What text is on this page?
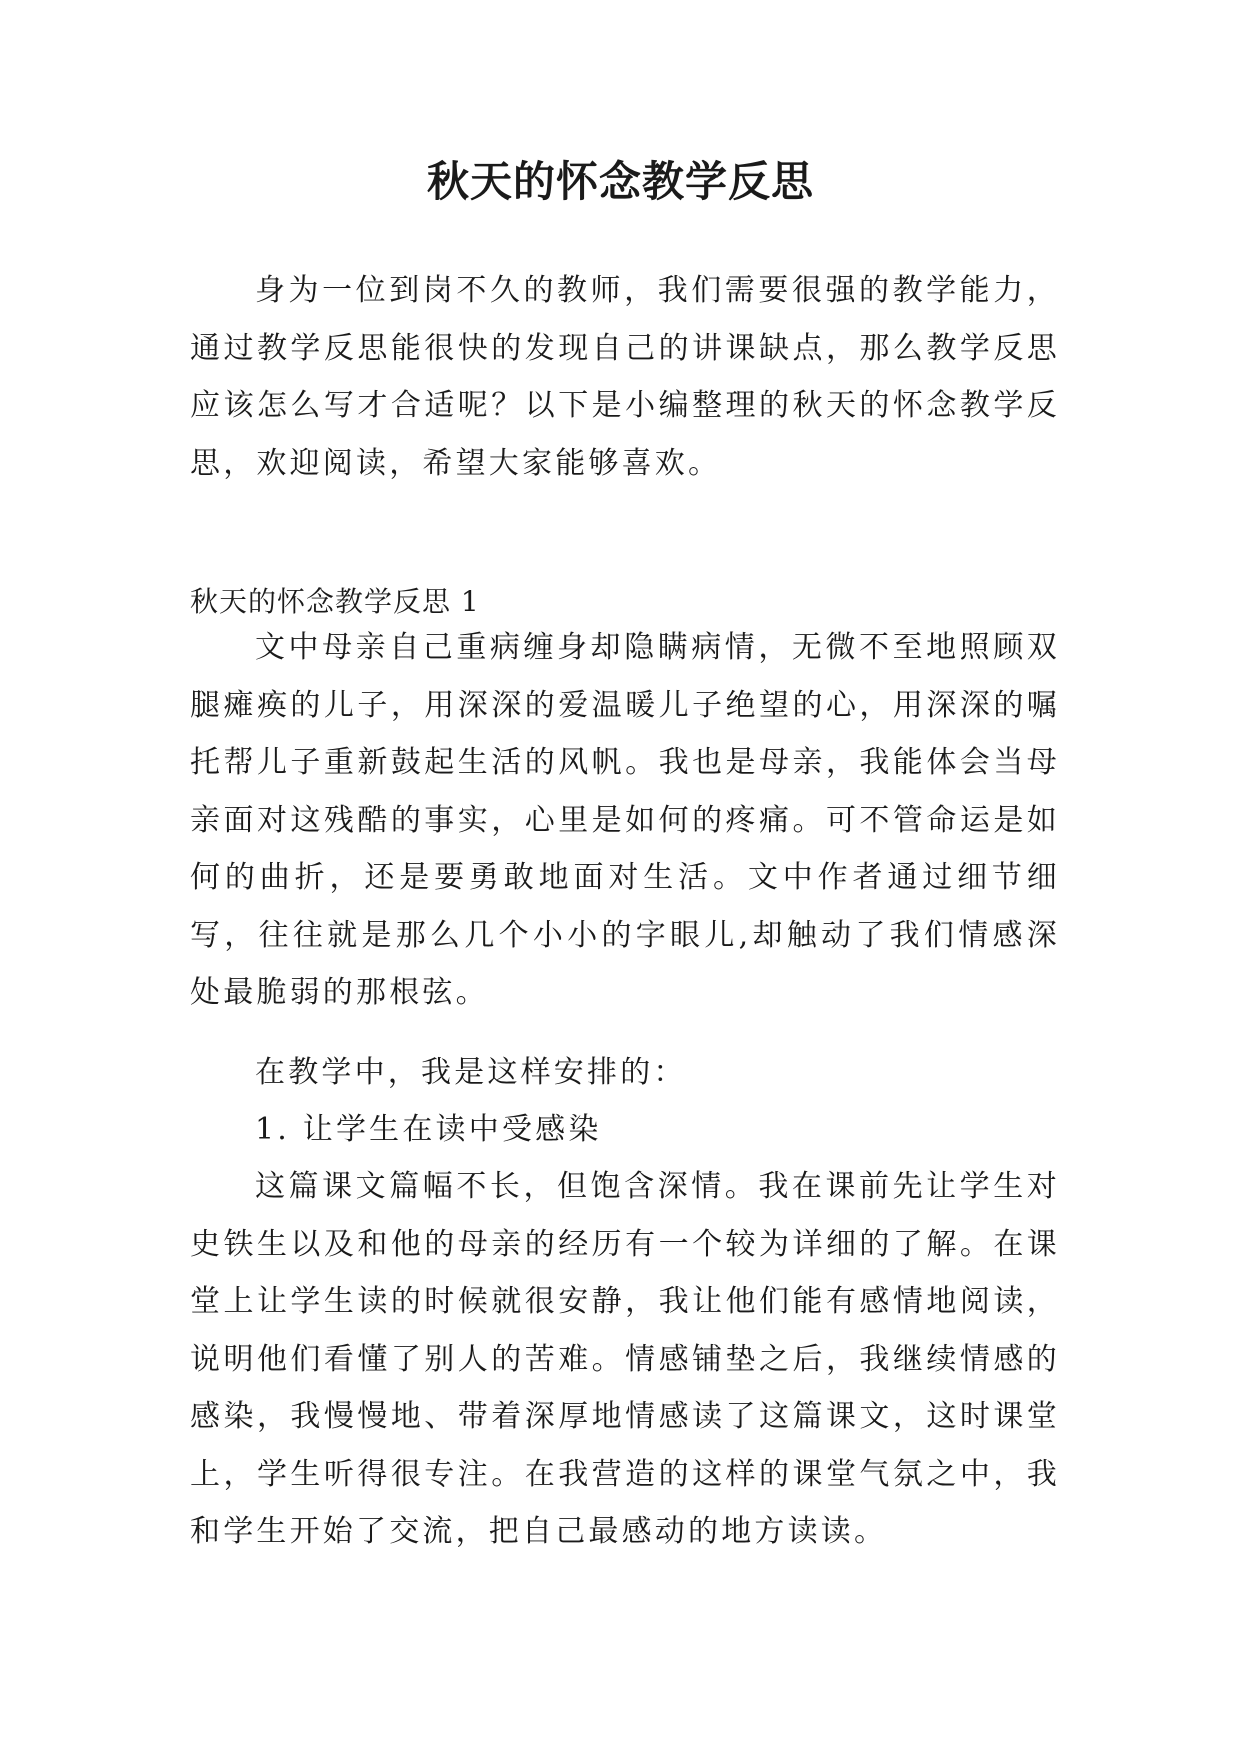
秋天的怀念教学反思

身为一位到岗不久的教师，我们需要很强的教学能力，通过教学反思能很快的发现自己的讲课缺点，那么教学反思应该怎么写才合适呢？以下是小编整理的秋天的怀念教学反思，欢迎阅读，希望大家能够喜欢。

秋天的怀念教学反思 1

文中母亲自己重病缠身却隐瞒病情，无微不至地照顾双腿瘫痪的儿子，用深深的爱温暖儿子绝望的心，用深深的嘱托帮儿子重新鼓起生活的风帆。我也是母亲，我能体会当母亲面对这残酷的事实，心里是如何的疼痛。可不管命运是如何的曲折，还是要勇敢地面对生活。文中作者通过细节细写，往往就是那么几个小小的字眼儿,却触动了我们情感深处最脆弱的那根弦。

在教学中，我是这样安排的：

1. 让学生在读中受感染

这篇课文篇幅不长，但饱含深情。我在课前先让学生对史铁生以及和他的母亲的经历有一个较为详细的了解。在课堂上让学生读的时候就很安静，我让他们能有感情地阅读，说明他们看懂了别人的苦难。情感铺垫之后，我继续情感的感染，我慢慢地、带着深厚地情感读了这篇课文，这时课堂上，学生听得很专注。在我营造的这样的课堂气氛之中，我和学生开始了交流，把自己最感动的地方读读。
